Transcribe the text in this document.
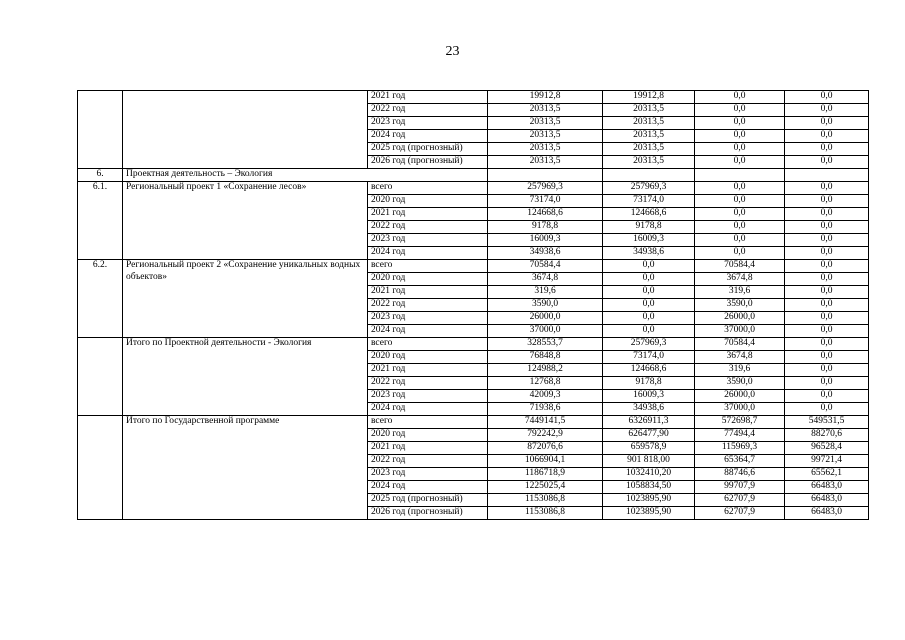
23
		2021 год	19912,8	19912,8	0,0	0,0
		2022 год	20313,5	20313,5	0,0	0,0
		2023 год	20313,5	20313,5	0,0	0,0
		2024 год	20313,5	20313,5	0,0	0,0
		2025 год (прогнозный)	20313,5	20313,5	0,0	0,0
		2026 год (прогнозный)	20313,5	20313,5	0,0	0,0
6.	Проектная деятельность – Экология					
6.1.	Региональный проект 1 «Сохранение лесов»	всего	257969,3	257969,3	0,0	0,0
		2020 год	73174,0	73174,0	0,0	0,0
		2021 год	124668,6	124668,6	0,0	0,0
		2022 год	9178,8	9178,8	0,0	0,0
		2023 год	16009,3	16009,3	0,0	0,0
		2024 год	34938,6	34938,6	0,0	0,0
6.2.	Региональный проект 2 «Сохранение уникальных водных объектов»	всего	70584,4	0,0	70584,4	0,0
		2020 год	3674,8	0,0	3674,8	0,0
		2021 год	319,6	0,0	319,6	0,0
		2022 год	3590,0	0,0	3590,0	0,0
		2023 год	26000,0	0,0	26000,0	0,0
		2024 год	37000,0	0,0	37000,0	0,0
	Итого по Проектной деятельности - Экология	всего	328553,7	257969,3	70584,4	0,0
		2020 год	76848,8	73174,0	3674,8	0,0
		2021 год	124988,2	124668,6	319,6	0,0
		2022 год	12768,8	9178,8	3590,0	0,0
		2023 год	42009,3	16009,3	26000,0	0,0
		2024 год	71938,6	34938,6	37000,0	0,0
	Итого по Государственной программе	всего	7449141,5	6326911,3	572698,7	549531,5
		2020 год	792242,9	626477,90	77494,4	88270,6
		2021 год	872076,6	659578,9	115969,3	96528,4
		2022 год	1066904,1	901 818,00	65364,7	99721,4
		2023 год	1186718,9	1032410,20	88746,6	65562,1
		2024 год	1225025,4	1058834,50	99707,9	66483,0
		2025 год (прогнозный)	1153086,8	1023895,90	62707,9	66483,0
		2026 год (прогнозный)	1153086,8	1023895,90	62707,9	66483,0
